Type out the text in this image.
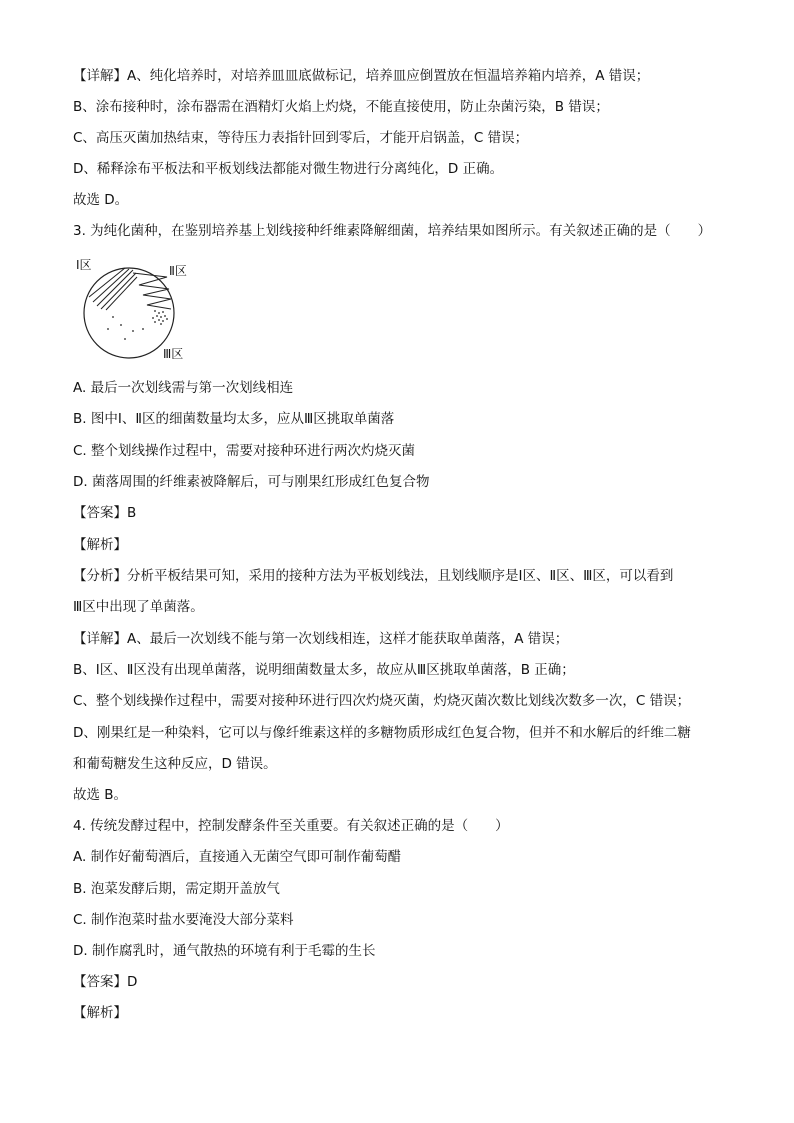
【详解】A、纯化培养时，对培养皿皿底做标记，培养皿应倒置放在恒温培养箱内培养，A 错误；
B、涂布接种时，涂布器需在酒精灯火焰上灼烧，不能直接使用，防止杂菌污染，B 错误；
C、高压灭菌加热结束，等待压力表指针回到零后，才能开启锅盖，C 错误；
D、稀释涂布平板法和平板划线法都能对微生物进行分离纯化，D 正确。
故选 D。
3. 为纯化菌种，在鉴别培养基上划线接种纤维素降解细菌，培养结果如图所示。有关叙述正确的是（　　）
Ⅰ区	Ⅱ区
Ⅲ区
A. 最后一次划线需与第一次划线相连
B. 图中Ⅰ、Ⅱ区的细菌数量均太多，应从Ⅲ区挑取单菌落
C. 整个划线操作过程中，需要对接种环进行两次灼烧灭菌
D. 菌落周围的纤维素被降解后，可与刚果红形成红色复合物
【答案】B
【解析】
【分析】分析平板结果可知，采用的接种方法为平板划线法，且划线顺序是Ⅰ区、Ⅱ区、Ⅲ区，可以看到
Ⅲ区中出现了单菌落。
【详解】A、最后一次划线不能与第一次划线相连，这样才能获取单菌落，A 错误；
B、Ⅰ区、Ⅱ区没有出现单菌落，说明细菌数量太多，故应从Ⅲ区挑取单菌落，B 正确；
C、整个划线操作过程中，需要对接种环进行四次灼烧灭菌，灼烧灭菌次数比划线次数多一次，C 错误；
D、刚果红是一种染料，它可以与像纤维素这样的多糖物质形成红色复合物，但并不和水解后的纤维二糖
和葡萄糖发生这种反应，D 错误。
故选 B。
4. 传统发酵过程中，控制发酵条件至关重要。有关叙述正确的是（　　）
A. 制作好葡萄酒后，直接通入无菌空气即可制作葡萄醋
B. 泡菜发酵后期，需定期开盖放气
C. 制作泡菜时盐水要淹没大部分菜料
D. 制作腐乳时，通气散热的环境有利于毛霉的生长
【答案】D
【解析】
